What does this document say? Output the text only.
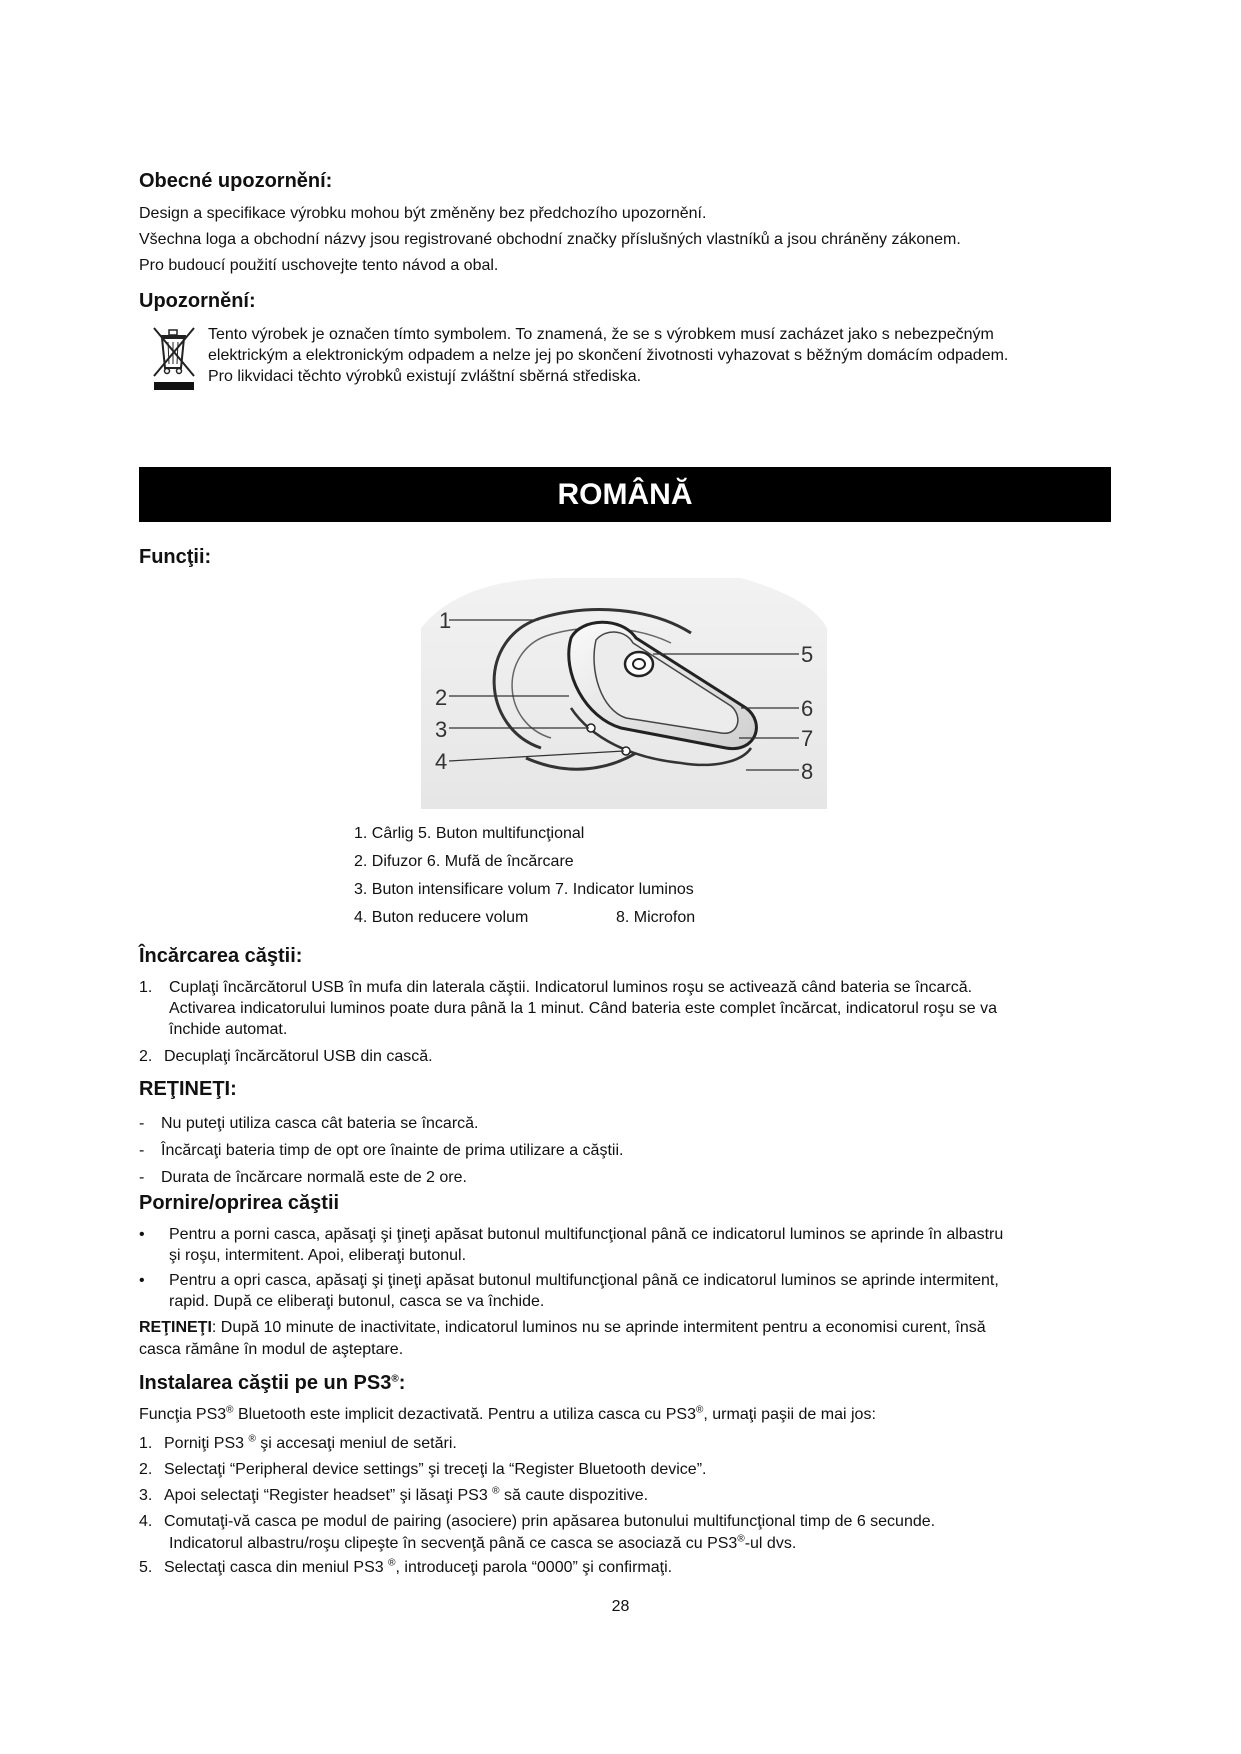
Obecné upozornění:

Design a specifikace výrobku mohou být změněny bez předchozího upozornění.

Všechna loga a obchodní názvy jsou registrované obchodní značky příslušných vlastníků a jsou chráněny zákonem.

Pro budoucí použití uschovejte tento návod a obal.

Upozornění:

Tento výrobek je označen tímto symbolem. To znamená, že se s výrobkem musí zacházet jako s nebezpečným

elektrickým a elektronickým odpadem a nelze jej po skončení životnosti vyhazovat s běžným domácím odpadem.

Pro likvidaci těchto výrobků existují zvláštní sběrná střediska.

ROMÂNĂ
Funcţii:
1
2
3
4
5
6
7
8
1. Cârlig 5. Buton multifuncţional
2. Difuzor 6. Mufă de încărcare
3. Buton intensificare volum 7. Indicator luminos
4. Buton reducere volum	8. Microfon
Încărcarea căştii:
1. Cuplaţi încărcătorul USB în mufa din laterala căştii. Indicatorul luminos roşu se activează când bateria se încarcă.
Activarea indicatorului luminos poate dura până la 1 minut. Când bateria este complet încărcat, indicatorul roşu se va
închide automat.
2. Decuplaţi încărcătorul USB din cască.
REŢINEŢI:
- Nu puteţi utiliza casca cât bateria se încarcă.
- Încărcaţi bateria timp de opt ore înainte de prima utilizare a căştii.
- Durata de încărcare normală este de 2 ore.
Pornire/oprirea căştii
• Pentru a porni casca, apăsaţi şi ţineţi apăsat butonul multifuncţional până ce indicatorul luminos se aprinde în albastru
şi roşu, intermitent. Apoi, eliberaţi butonul.
• Pentru a opri casca, apăsaţi şi ţineţi apăsat butonul multifuncţional până ce indicatorul luminos se aprinde intermitent,
rapid. După ce eliberaţi butonul, casca se va închide.
REŢINEŢI: După 10 minute de inactivitate, indicatorul luminos nu se aprinde intermitent pentru a economisi curent, însă
casca rămâne în modul de aşteptare.
Instalarea căştii pe un PS3®:
Funcţia PS3® Bluetooth este implicit dezactivată. Pentru a utiliza casca cu PS3®, urmaţi paşii de mai jos:
1. Porniţi PS3 ® şi accesaţi meniul de setări.
2. Selectaţi “Peripheral device settings” şi treceţi la “Register Bluetooth device”.
3. Apoi selectaţi “Register headset” şi lăsaţi PS3 ® să caute dispozitive.
4. Comutaţi-vă casca pe modul de pairing (asociere) prin apăsarea butonului multifuncţional timp de 6 secunde.
Indicatorul albastru/roşu clipeşte în secvenţă până ce casca se asociază cu PS3®-ul dvs.
5. Selectaţi casca din meniul PS3 ®, introduceţi parola “0000” şi confirmaţi.
28
